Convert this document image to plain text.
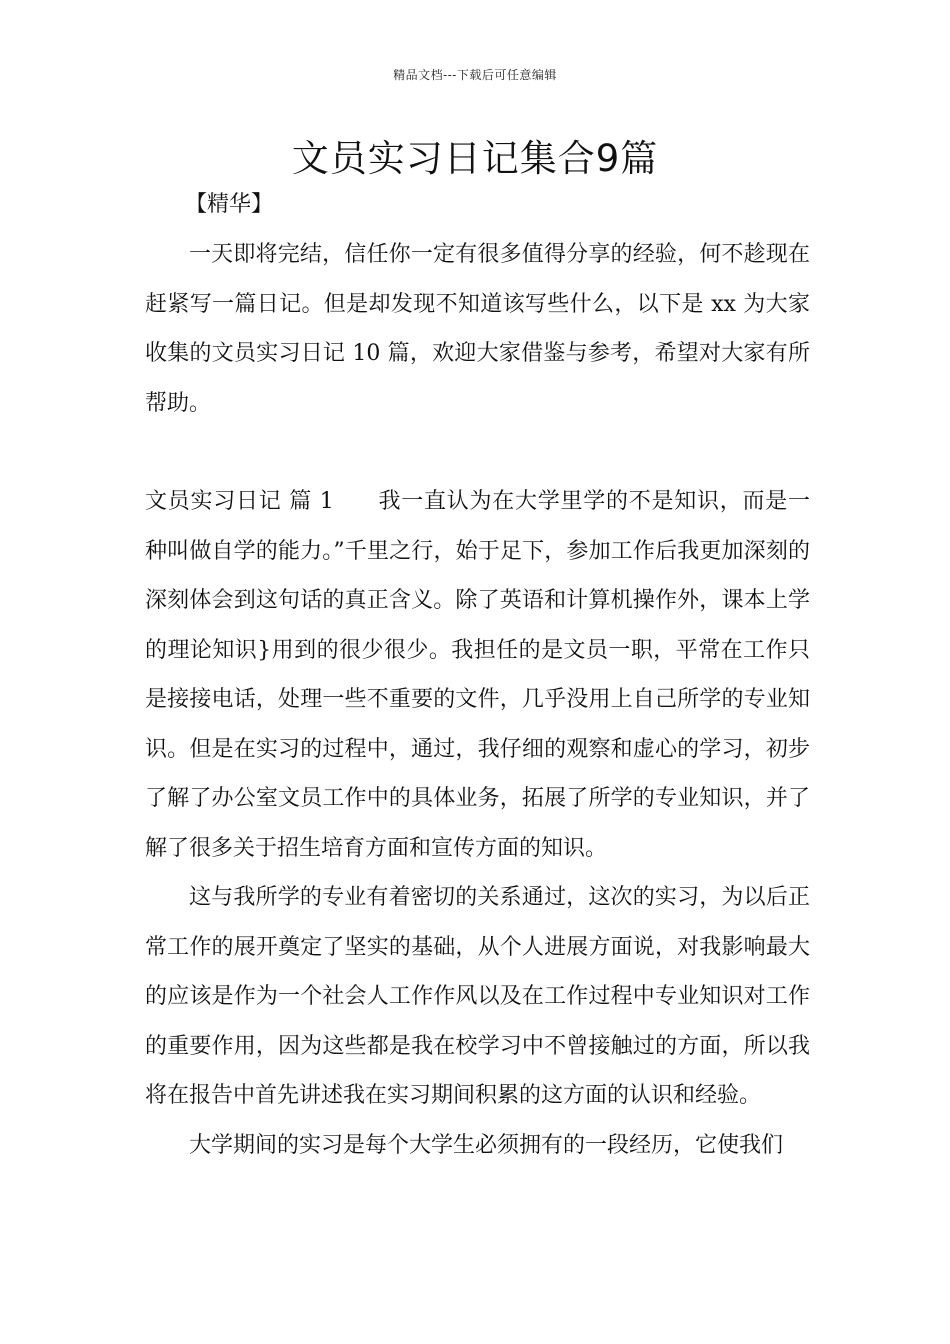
精品文档---下载后可任意编辑
文员实习日记集合9篇
【精华】

一天即将完结，信任你一定有很多值得分享的经验，何不趁现在赶紧写一篇日记。但是却发现不知道该写些什么，以下是 xx 为大家收集的文员实习日记 10 篇，欢迎大家借鉴与参考，希望对大家有所帮助。

文员实习日记 篇 1 我一直认为在大学里学的不是知识，而是一种叫做自学的能力。”千里之行，始于足下，参加工作后我更加深刻的深刻体会到这句话的真正含义。除了英语和计算机操作外，课本上学的理论知识}用到的很少很少。我担任的是文员一职，平常在工作只是接接电话，处理一些不重要的文件，几乎没用上自己所学的专业知识。但是在实习的过程中，通过，我仔细的观察和虚心的学习，初步了解了办公室文员工作中的具体业务，拓展了所学的专业知识，并了解了很多关于招生培育方面和宣传方面的知识。

这与我所学的专业有着密切的关系通过，这次的实习，为以后正常工作的展开奠定了坚实的基础，从个人进展方面说，对我影响最大的应该是作为一个社会人工作作风以及在工作过程中专业知识对工作的重要作用，因为这些都是我在校学习中不曾接触过的方面，所以我将在报告中首先讲述我在实习期间积累的这方面的认识和经验。

大学期间的实习是每个大学生必须拥有的一段经历，它使我们
